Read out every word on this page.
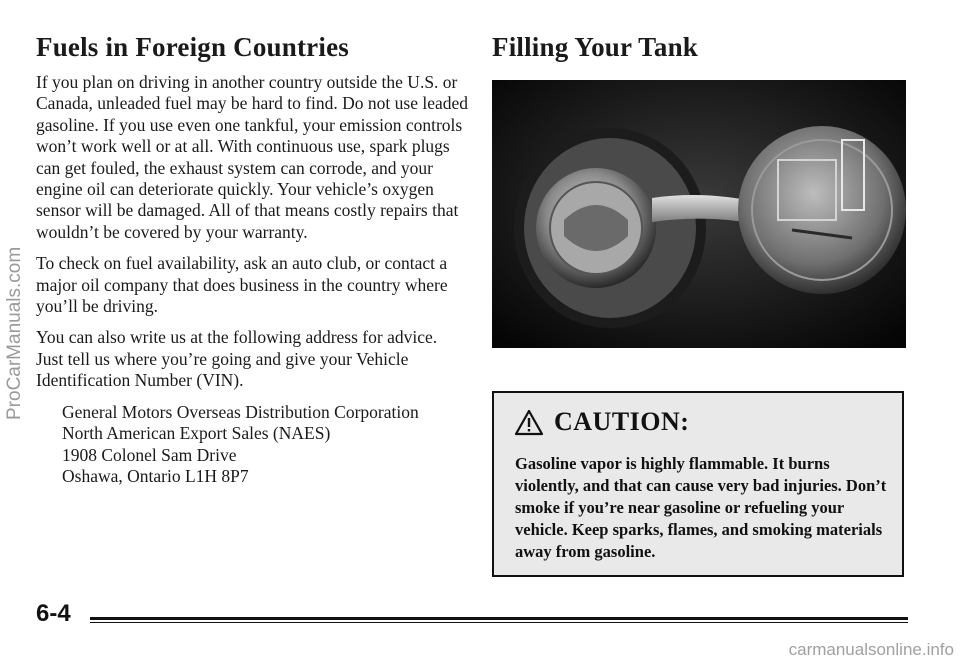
Fuels in Foreign Countries	Filling Your Tank

If you plan on driving in another country outside the U.S. or Canada, unleaded fuel may be hard to find. Do not use leaded gasoline. If you use even one tankful, your emission controls won’t work well or at all. With continuous use, spark plugs can get fouled, the exhaust system can corrode, and your engine oil can deteriorate quickly. Your vehicle’s oxygen sensor will be damaged. All of that means costly repairs that wouldn’t be covered by your warranty.

To check on fuel availability, ask an auto club, or contact a major oil company that does business in the country where you’ll be driving.

You can also write us at the following address for advice. Just tell us where you’re going and give your Vehicle Identification Number (VIN).

General Motors Overseas Distribution Corporation
North American Export Sales (NAES)
1908 Colonel Sam Drive
Oshawa, Ontario L1H 8P7
CAUTION:
Gasoline vapor is highly flammable. It burns violently, and that can cause very bad injuries. Don’t smoke if you’re near gasoline or refueling your vehicle. Keep sparks, flames, and smoking materials away from gasoline.
6-4
ProCarManuals.com
carmanualsonline.info
